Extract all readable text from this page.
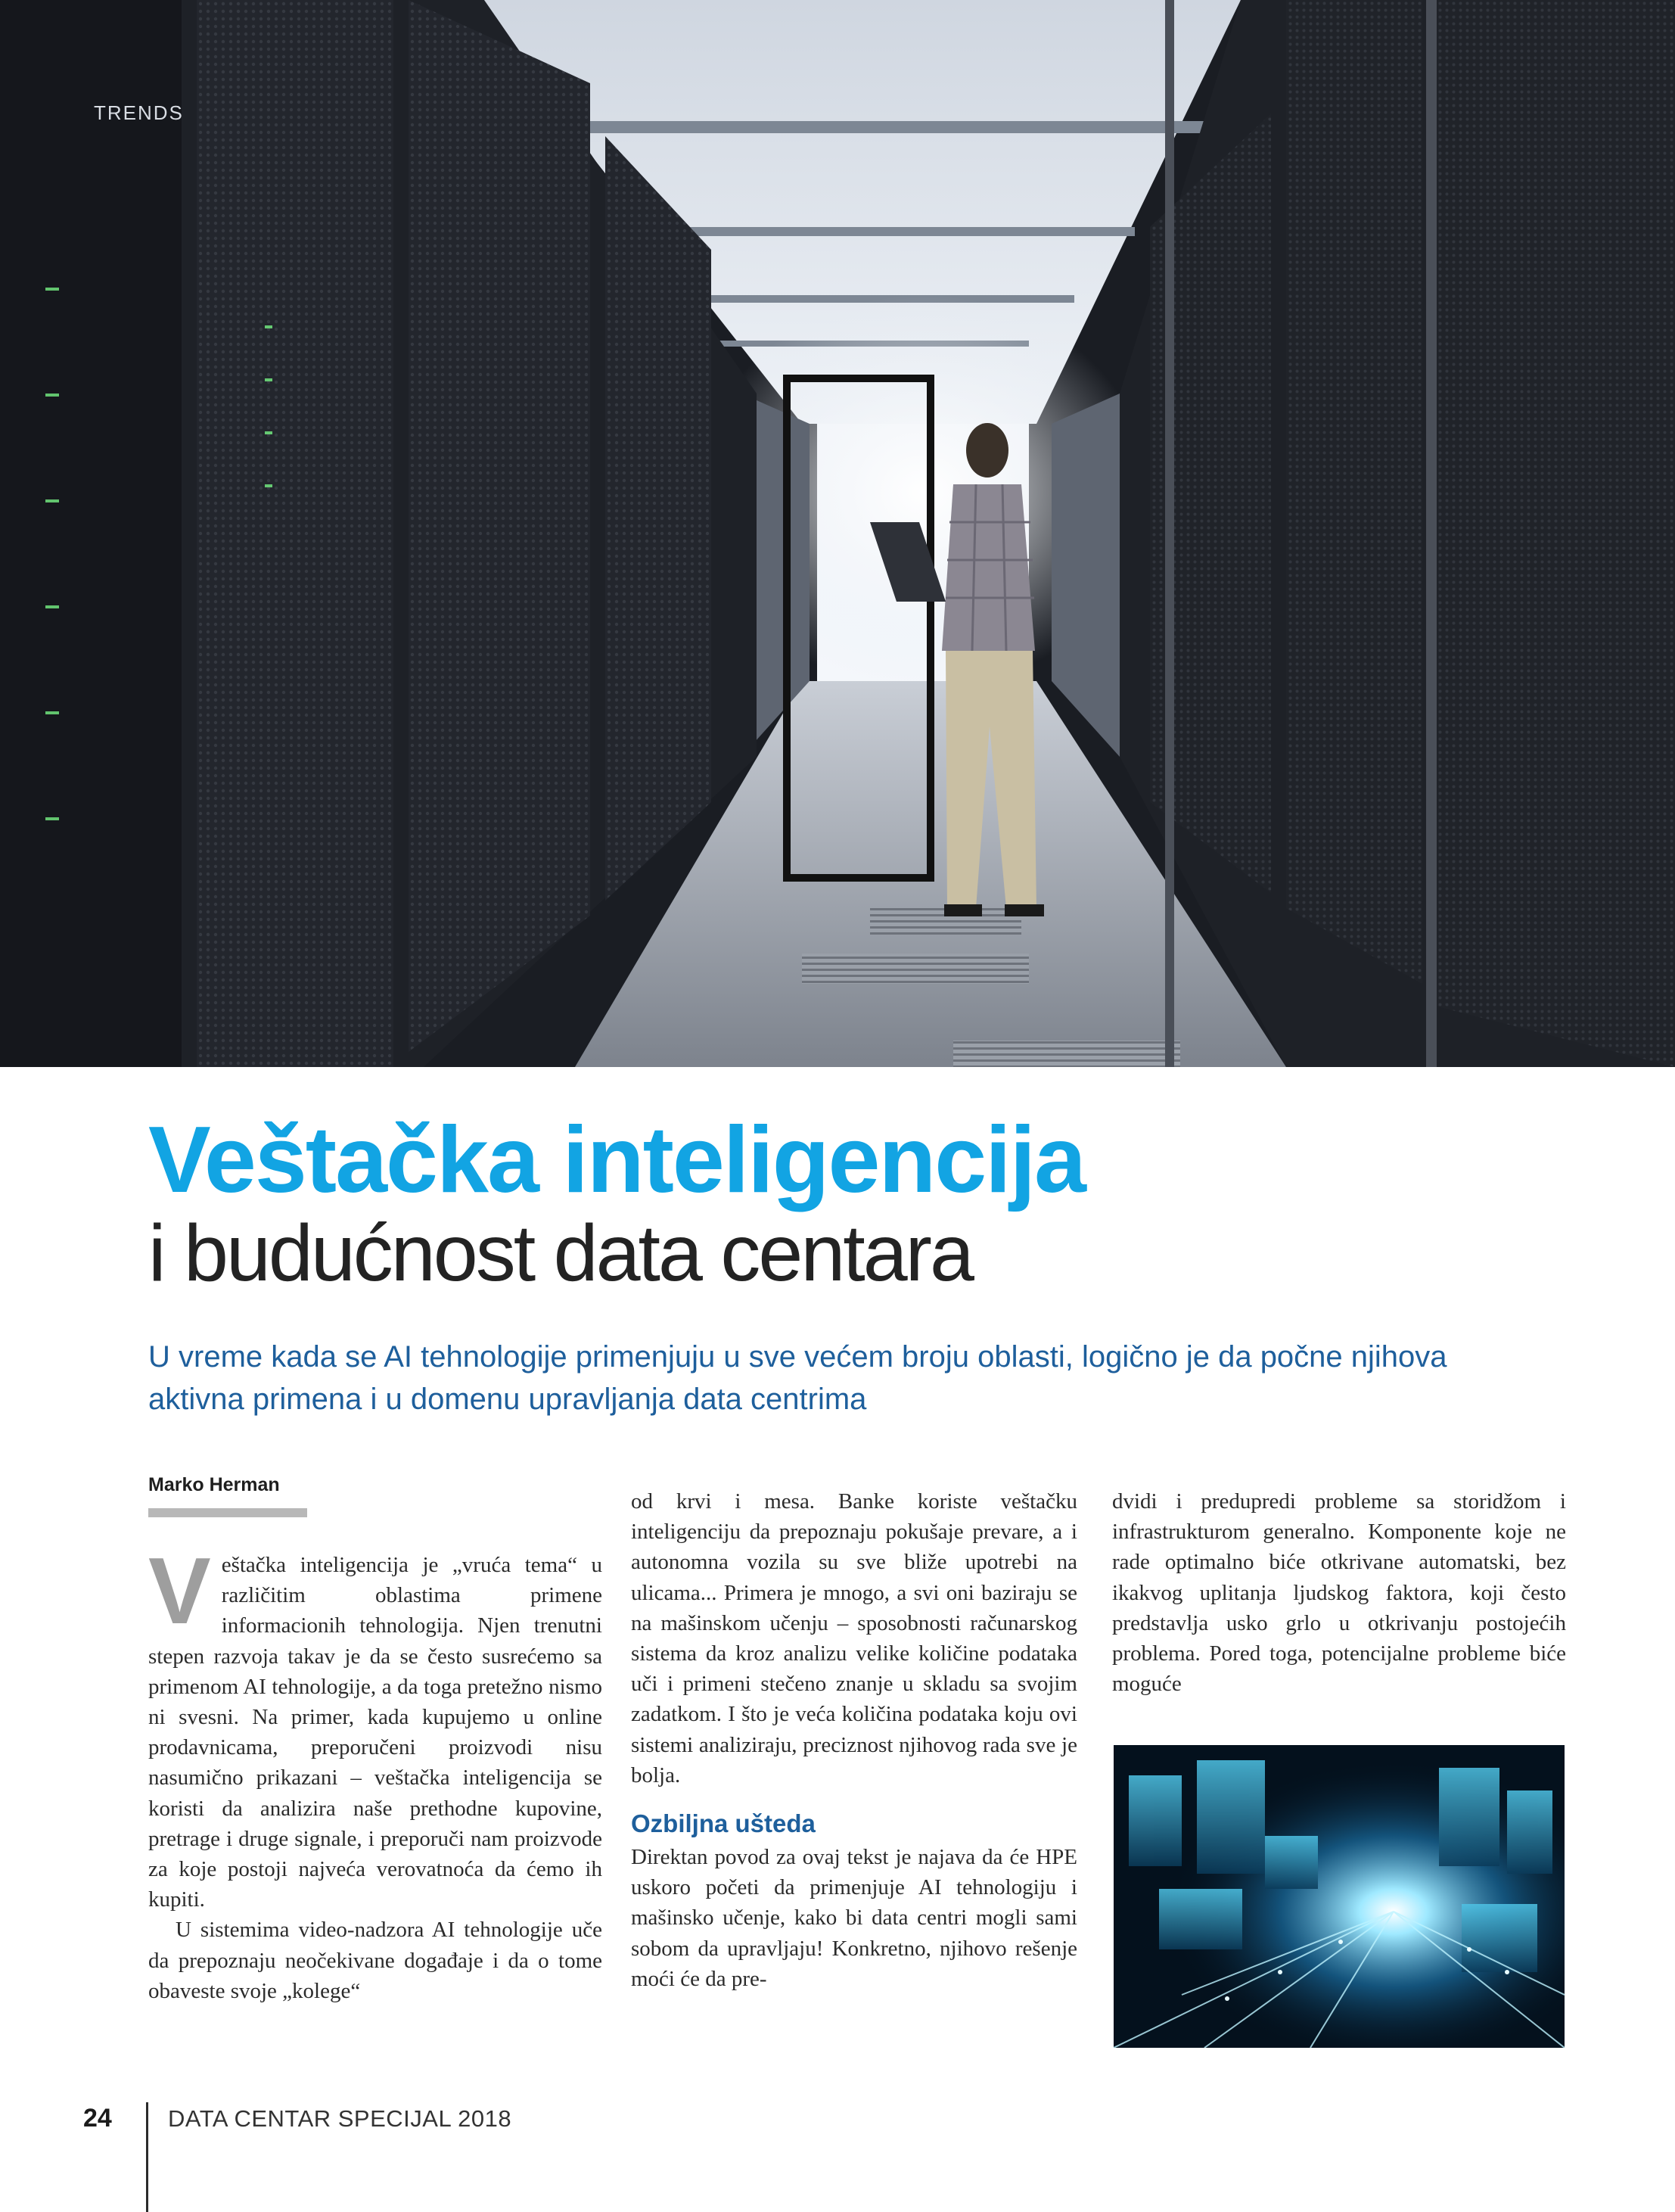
TRENDS
Veštačka inteligencija
i budućnost data centara

U vreme kada se AI tehnologije primenjuju u sve većem broju oblasti, logično je da počne njihova aktivna primena i u domenu upravljanja data centrima

Marko Herman

Veštačka inteligencija je „vruća tema“ u različitim oblastima primene informacionih tehnologija. Njen trenutni stepen razvoja takav je da se često susrećemo sa primenom AI tehnologije, a da toga pretežno nismo ni svesni. Na primer, kada kupujemo u online prodavnicama, preporučeni proizvodi nisu nasumično prikazani – veštačka inteligencija se koristi da analizira naše prethodne kupovine, pretrage i druge signale, i preporuči nam proizvode za koje postoji najveća verovatnoća da ćemo ih kupiti.

U sistemima video-nadzora AI tehnologije uče da prepoznaju neočekivane događaje i da o tome obaveste svoje „kolege“

od krvi i mesa. Banke koriste veštačku inteligenciju da prepoznaju pokušaje prevare, a i autonomna vozila su sve bliže upotrebi na ulicama... Primera je mnogo, a svi oni baziraju se na mašinskom učenju – sposobnosti računarskog sistema da kroz analizu velike količine podataka uči i primeni stečeno znanje u skladu sa svojim zadatkom. I što je veća količina podataka koju ovi sistemi analiziraju, preciznost njihovog rada sve je bolja.

Ozbiljna ušteda

Direktan povod za ovaj tekst je najava da će HPE uskoro početi da primenjuje AI tehnologiju i mašinsko učenje, kako bi data centri mogli sami sobom da upravljaju! Konkretno, njihovo rešenje moći će da pre-

dvidi i predupredi probleme sa storidžom i infrastrukturom generalno. Komponente koje ne rade optimalno biće otkrivane automatski, bez ikakvog uplitanja ljudskog faktora, koji često predstavlja usko grlo u otkrivanju postojećih problema. Pored toga, potencijalne probleme biće moguće

24 DATA CENTAR SPECIJAL 2018
